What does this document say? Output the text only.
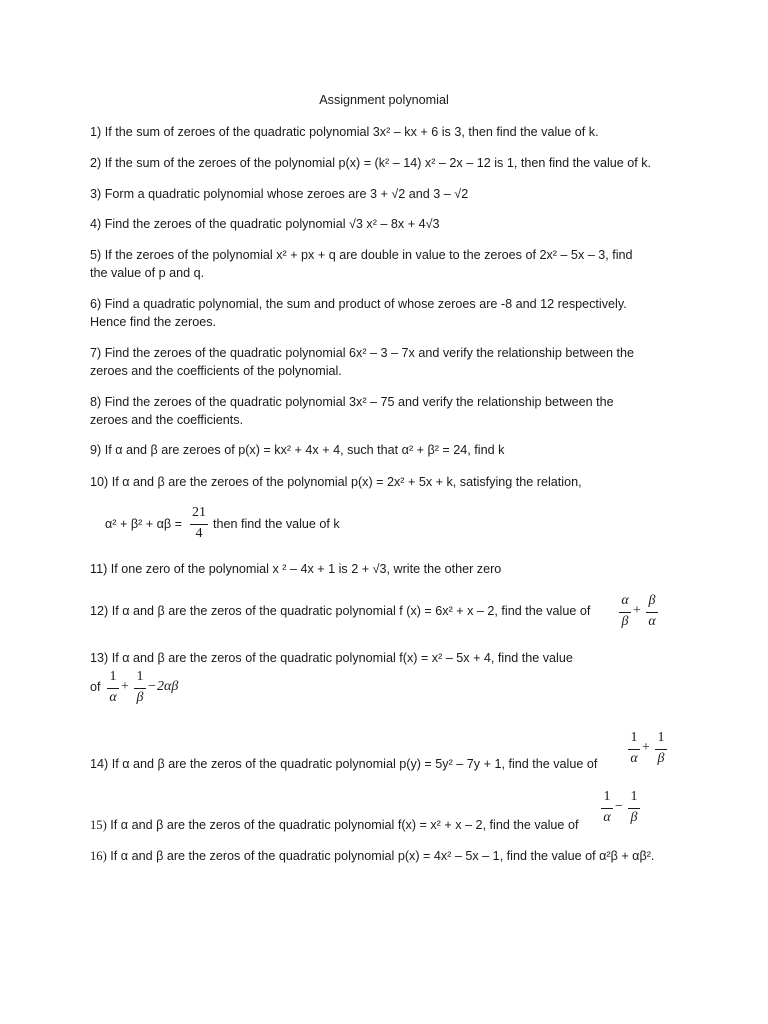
Assignment polynomial
1) If the sum of zeroes of the quadratic polynomial 3x² – kx + 6 is 3, then find the value of k.
2) If the sum of the zeroes of the polynomial p(x) = (k² – 14) x² – 2x – 12 is 1, then find the value of k.
3) Form a quadratic polynomial whose zeroes are 3 + √2 and 3 – √2
4) Find the zeroes of the quadratic polynomial √3 x² – 8x + 4√3
5) If the zeroes of the polynomial x² + px + q are double in value to the zeroes of 2x² – 5x – 3, find
the value of p and q.
6) Find a quadratic polynomial, the sum and product of whose zeroes are -8 and 12 respectively.
Hence find the zeroes.
7) Find the zeroes of the quadratic polynomial 6x² – 3 – 7x and verify the relationship between the
zeroes and the coefficients of the polynomial.
8) Find the zeroes of the quadratic polynomial 3x² – 75 and verify the relationship between the
zeroes and the coefficients.
9) If α and β are zeroes of p(x) = kx² + 4x + 4, such that α² + β² = 24, find k
10) If α and β are the zeroes of the polynomial p(x) = 2x² + 5x + k, satisfying the relation,
α² + β² + αβ =
21
4
then find the value of k
11) If one zero of the polynomial x ² – 4x + 1 is 2 + √3, write the other zero
12) If α and β are the zeros of the quadratic polynomial f (x) = 6x² + x – 2, find the value of
α
β
+
β
α
13) If α and β are the zeros of the quadratic polynomial f(x) = x² – 5x + 4, find the value
of
1
α
+
1
β
− 2αβ
1
α
+
1
β
14) If α and β are the zeros of the quadratic polynomial p(y) = 5y² – 7y + 1, find the value of
1
α
−
1
β
15) If α and β are the zeros of the quadratic polynomial f(x) = x² + x – 2, find the value of
16) If α and β are the zeros of the quadratic polynomial p(x) = 4x² – 5x – 1, find the value of α²β + αβ².
